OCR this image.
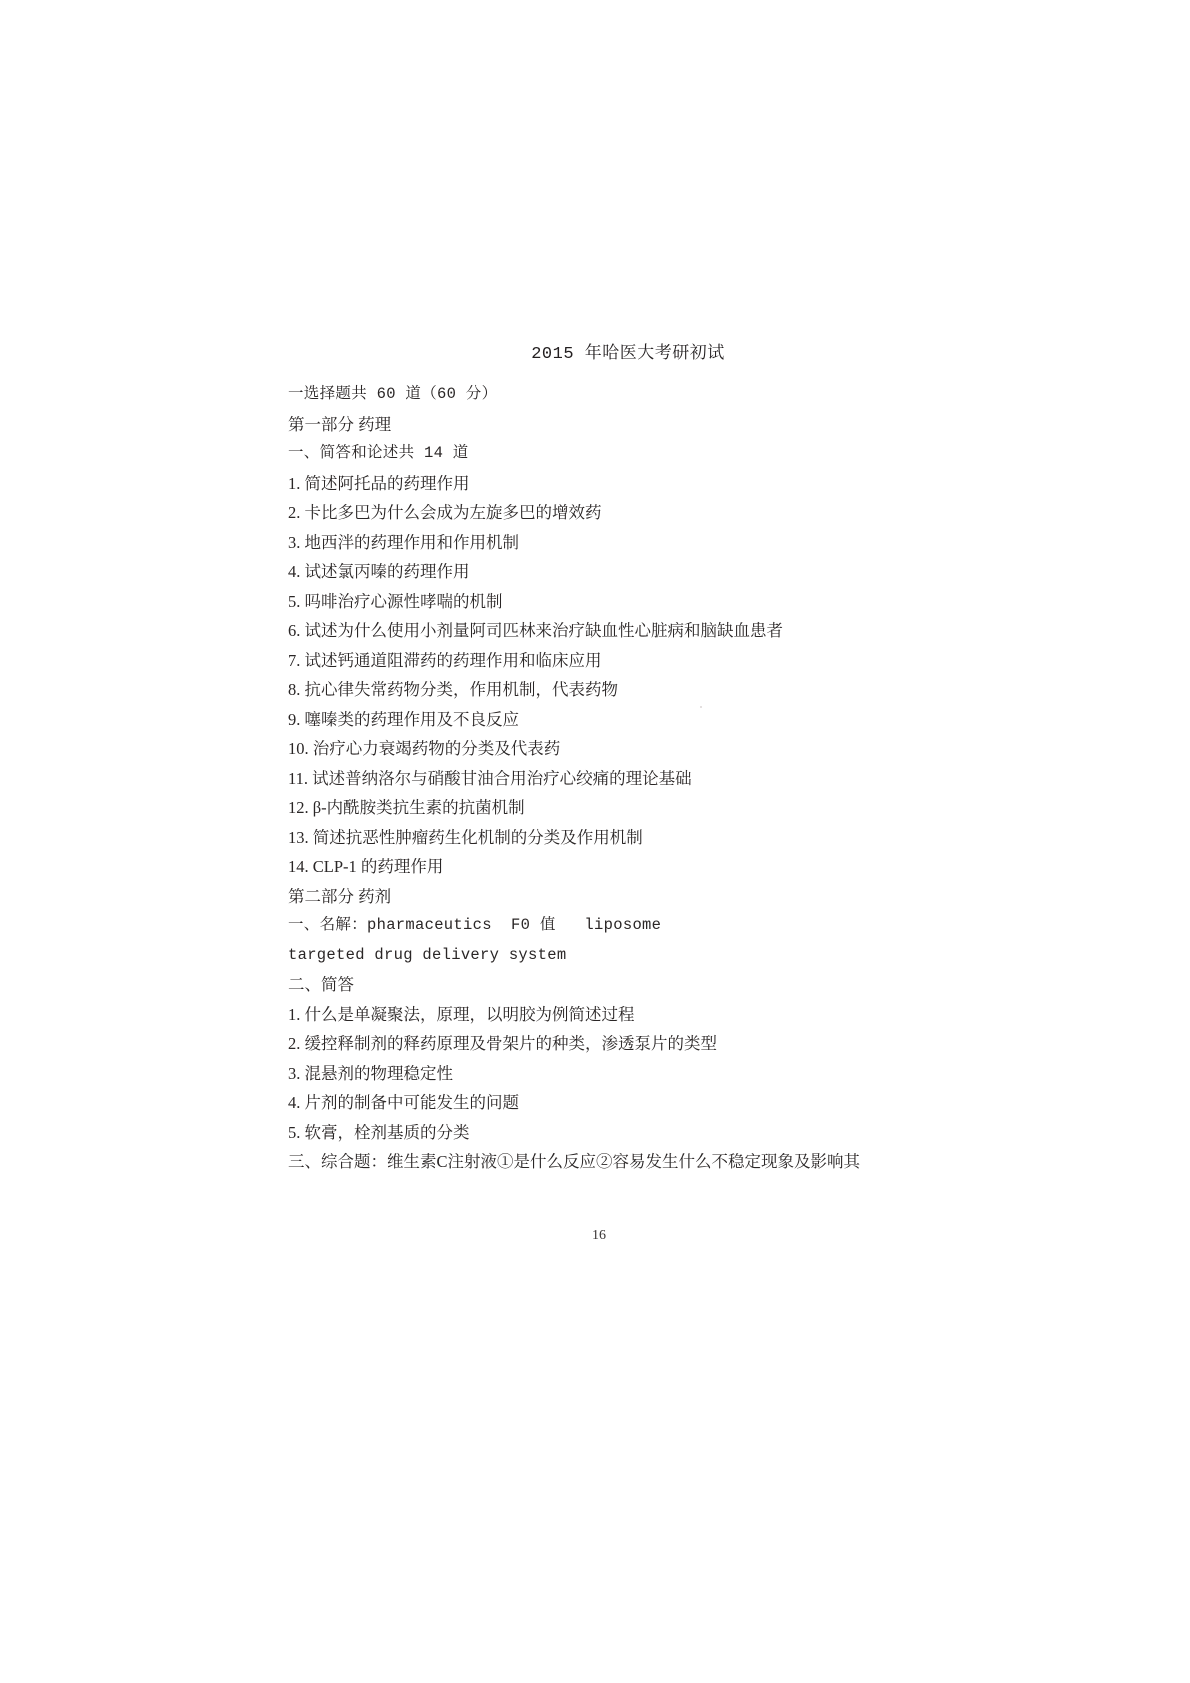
2015 年哈医大考研初试

一选择题共 60 道（60 分）

第一部分 药理

一、简答和论述共 14 道

1. 简述阿托品的药理作用

2. 卡比多巴为什么会成为左旋多巴的增效药

3. 地西泮的药理作用和作用机制

4. 试述氯丙嗪的药理作用

5. 吗啡治疗心源性哮喘的机制

6. 试述为什么使用小剂量阿司匹林来治疗缺血性心脏病和脑缺血患者

7. 试述钙通道阻滞药的药理作用和临床应用

8. 抗心律失常药物分类，作用机制，代表药物

9. 噻嗪类的药理作用及不良反应

10. 治疗心力衰竭药物的分类及代表药

11. 试述普纳洛尔与硝酸甘油合用治疗心绞痛的理论基础

12. β-内酰胺类抗生素的抗菌机制

13. 简述抗恶性肿瘤药生化机制的分类及作用机制

14. CLP-1 的药理作用

第二部分 药剂

一、名解：pharmaceutics  F0 值   liposome

targeted drug delivery system

二、简答

1. 什么是单凝聚法，原理，以明胶为例简述过程

2. 缓控释制剂的释药原理及骨架片的种类，渗透泵片的类型

3. 混悬剂的物理稳定性

4. 片剂的制备中可能发生的问题

5. 软膏，栓剂基质的分类

三、综合题：维生素C注射液①是什么反应②容易发生什么不稳定现象及影响其

16
